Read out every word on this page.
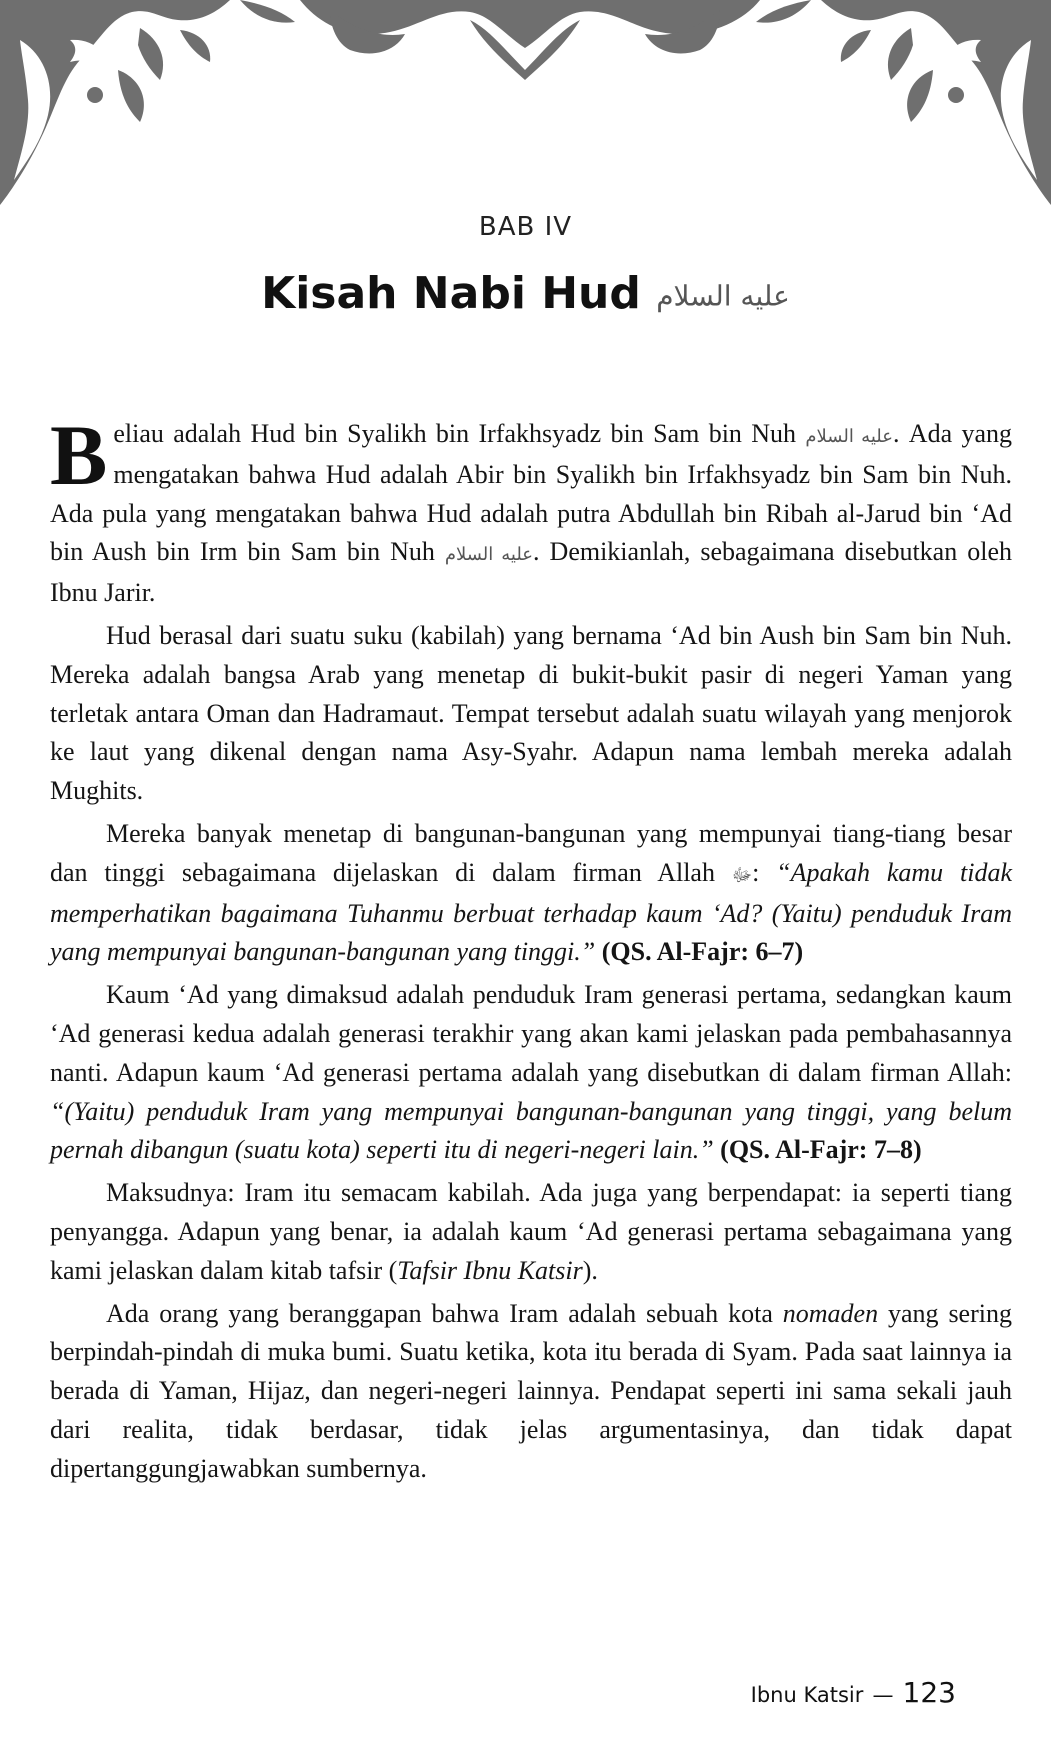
BAB IV
Kisah Nabi Hud عليه السلام

Beliau adalah Hud bin Syalikh bin Irfakhsyadz bin Sam bin Nuh عليه السلام. Ada yang mengatakan bahwa Hud adalah Abir bin Syalikh bin Irfakhsyadz bin Sam bin Nuh. Ada pula yang mengatakan bahwa Hud adalah putra Abdullah bin Ribah al-Jarud bin ‘Ad bin Aush bin Irm bin Sam bin Nuh عليه السلام. Demikianlah, sebagaimana disebutkan oleh Ibnu Jarir.

Hud berasal dari suatu suku (kabilah) yang bernama ‘Ad bin Aush bin Sam bin Nuh. Mereka adalah bangsa Arab yang menetap di bukit-bukit pasir di negeri Yaman yang terletak antara Oman dan Hadramaut. Tempat tersebut adalah suatu wilayah yang menjorok ke laut yang dikenal dengan nama Asy-Syahr. Adapun nama lembah mereka adalah Mughits.

Mereka banyak menetap di bangunan-bangunan yang mempunyai tiang-tiang besar dan tinggi sebagaimana dijelaskan di dalam firman Allah ﷻ: “Apakah kamu tidak memperhatikan bagaimana Tuhanmu berbuat terhadap kaum ‘Ad? (Yaitu) penduduk Iram yang mempunyai bangunan-bangunan yang tinggi.” (QS. Al-Fajr: 6–7)

Kaum ‘Ad yang dimaksud adalah penduduk Iram generasi pertama, sedangkan kaum ‘Ad generasi kedua adalah generasi terakhir yang akan kami jelaskan pada pembahasannya nanti. Adapun kaum ‘Ad generasi pertama adalah yang disebutkan di dalam firman Allah: “(Yaitu) penduduk Iram yang mempunyai bangunan-bangunan yang tinggi, yang belum pernah dibangun (suatu kota) seperti itu di negeri-negeri lain.” (QS. Al-Fajr: 7–8)

Maksudnya: Iram itu semacam kabilah. Ada juga yang berpendapat: ia seperti tiang penyangga. Adapun yang benar, ia adalah kaum ‘Ad generasi pertama sebagaimana yang kami jelaskan dalam kitab tafsir (Tafsir Ibnu Katsir).

Ada orang yang beranggapan bahwa Iram adalah sebuah kota nomaden yang sering berpindah-pindah di muka bumi. Suatu ketika, kota itu berada di Syam. Pada saat lainnya ia berada di Yaman, Hijaz, dan negeri-negeri lainnya. Pendapat seperti ini sama sekali jauh dari realita, tidak berdasar, tidak jelas argumentasinya, dan tidak dapat dipertanggungjawabkan sumbernya.

Ibnu Katsir — 123
